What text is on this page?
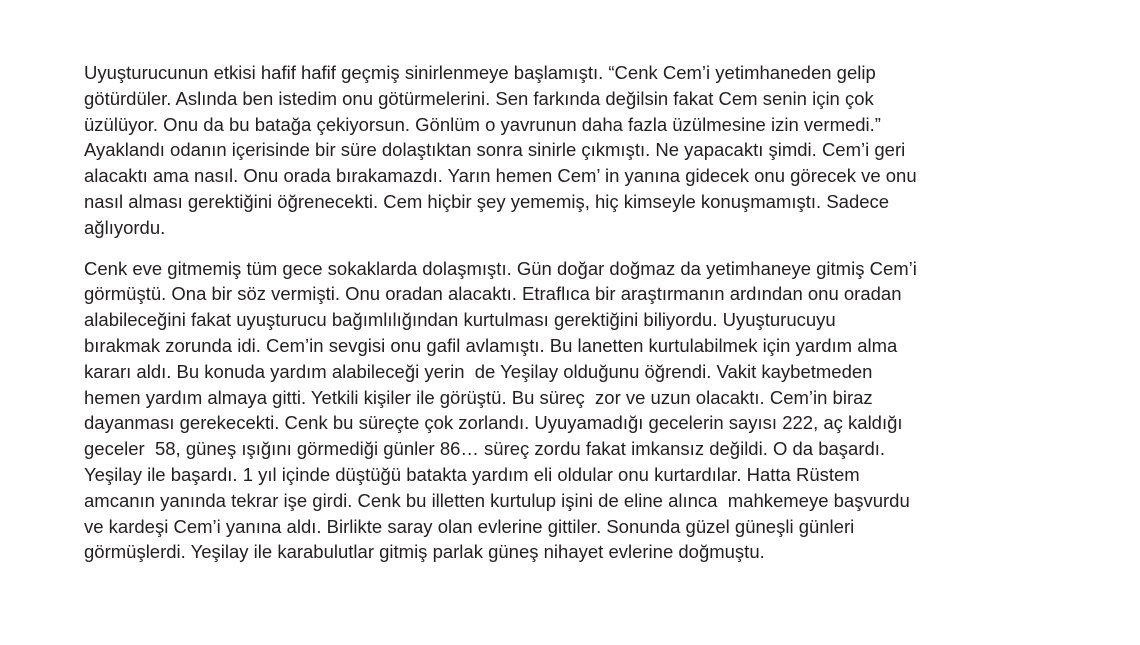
Uyuşturucunun etkisi hafif hafif geçmiş sinirlenmeye başlamıştı. “Cenk Cem’i yetimhaneden gelip
götürdüler. Aslında ben istedim onu götürmelerini. Sen farkında değilsin fakat Cem senin için çok
üzülüyor. Onu da bu batağa çekiyorsun. Gönlüm o yavrunun daha fazla üzülmesine izin vermedi.”
Ayaklandı odanın içerisinde bir süre dolaştıktan sonra sinirle çıkmıştı. Ne yapacaktı şimdi. Cem’i geri
alacaktı ama nasıl. Onu orada bırakamazdı. Yarın hemen Cem’ in yanına gidecek onu görecek ve onu
nasıl alması gerektiğini öğrenecekti. Cem hiçbir şey yememiş, hiç kimseyle konuşmamıştı. Sadece
ağlıyordu.

Cenk eve gitmemiş tüm gece sokaklarda dolaşmıştı. Gün doğar doğmaz da yetimhaneye gitmiş Cem’i
görmüştü. Ona bir söz vermişti. Onu oradan alacaktı. Etraflıca bir araştırmanın ardından onu oradan
alabileceğini fakat uyuşturucu bağımlılığından kurtulması gerektiğini biliyordu. Uyuşturucuyu
bırakmak zorunda idi. Cem’in sevgisi onu gafil avlamıştı. Bu lanetten kurtulabilmek için yardım alma
kararı aldı. Bu konuda yardım alabileceği yerin  de Yeşilay olduğunu öğrendi. Vakit kaybetmeden
hemen yardım almaya gitti. Yetkili kişiler ile görüştü. Bu süreç  zor ve uzun olacaktı. Cem’in biraz
dayanması gerekecekti. Cenk bu süreçte çok zorlandı. Uyuyamadığı gecelerin sayısı 222, aç kaldığı
geceler  58, güneş ışığını görmediği günler 86… süreç zordu fakat imkansız değildi. O da başardı.
Yeşilay ile başardı. 1 yıl içinde düştüğü batakta yardım eli oldular onu kurtardılar. Hatta Rüstem
amcanın yanında tekrar işe girdi. Cenk bu illetten kurtulup işini de eline alınca  mahkemeye başvurdu
ve kardeşi Cem’i yanına aldı. Birlikte saray olan evlerine gittiler. Sonunda güzel güneşli günleri
görmüşlerdi. Yeşilay ile karabulutlar gitmiş parlak güneş nihayet evlerine doğmuştu.
